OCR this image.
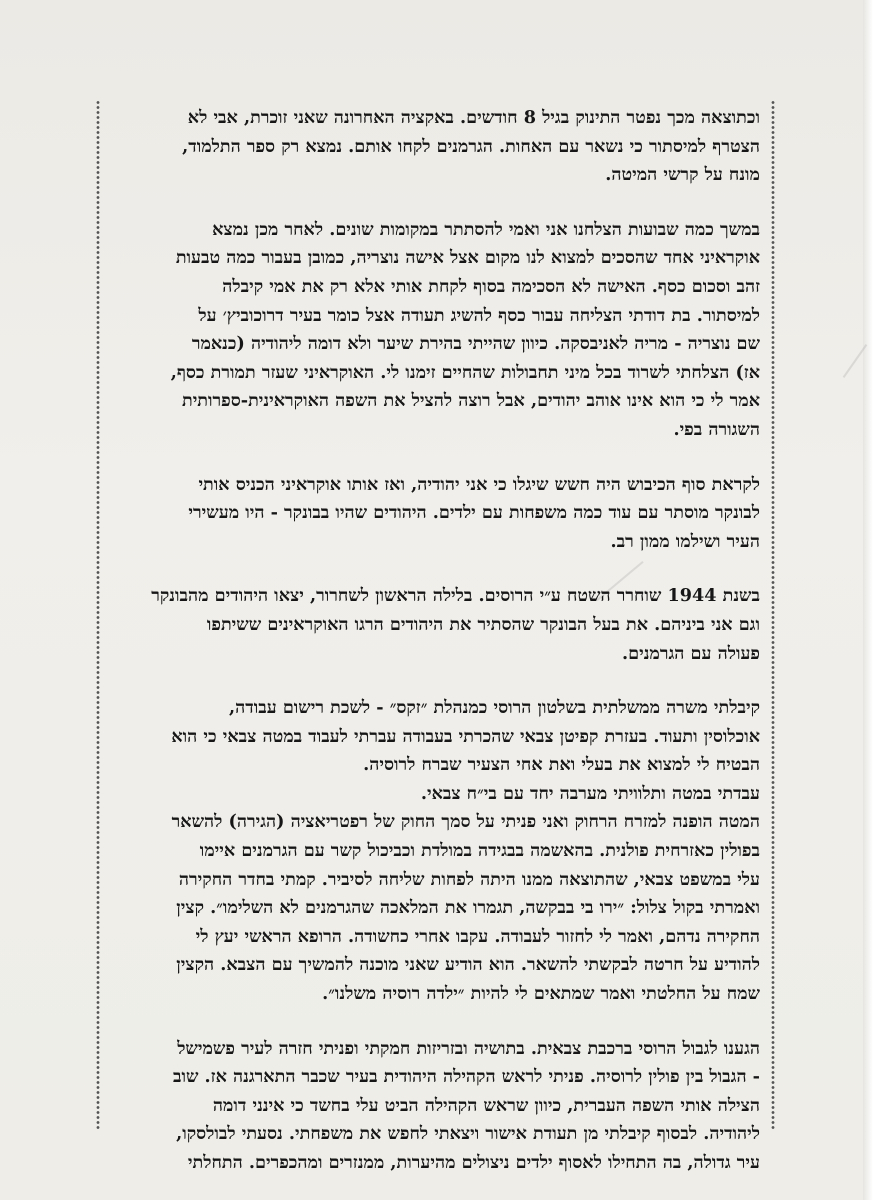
וכתוצאה מכך נפטר התינוק בגיל 8 חודשים. באקציה האחרונה שאני זוכרת, אבי לא
הצטרף למיסתור כי נשאר עם האחות. הגרמנים לקחו אותם. נמצא רק ספר התלמוד,
מונח על קרשי המיטה.
במשך כמה שבועות הצלחנו אני ואמי להסתתר במקומות שונים. לאחר מכן נמצא
אוקראיני אחד שהסכים למצוא לנו מקום אצל אישה נוצריה, כמובן בעבור כמה טבעות
זהב וסכום כסף. האישה לא הסכימה בסוף לקחת אותי אלא רק את אמי קיבלה
למיסתור. בת דודתי הצליחה עבור כסף להשיג תעודה אצל כומר בעיר דרוכוביץ׳ על
שם נוצריה - מריה לאניבסקה. כיוון שהייתי בהירת שיער ולא דומה ליהודיה (כנאמר
אז) הצלחתי לשרוד בכל מיני תחבולות שהחיים זימנו לי. האוקראיני שעזר תמורת כסף,
אמר לי כי הוא אינו אוהב יהודים, אבל רוצה להציל את השפה האוקראינית-ספרותית
השגורה בפי.
לקראת סוף הכיבוש היה חשש שיגלו כי אני יהודיה, ואז אותו אוקראיני הכניס אותי
לבונקר מוסתר עם עוד כמה משפחות עם ילדים. היהודים שהיו בבונקר - היו מעשירי
העיר ושילמו ממון רב.
בשנת 1944 שוחרר השטח ע״י הרוסים. בלילה הראשון לשחרור, יצאו היהודים מהבונקר
וגם אני ביניהם. את בעל הבונקר שהסתיר את היהודים הרגו האוקראינים ששיתפו
פעולה עם הגרמנים.
קיבלתי משרה ממשלתית בשלטון הרוסי כמנהלת ״זקס״ - לשכת רישום עבודה,
אוכלוסין ותעוד. בעזרת קפיטן צבאי שהכרתי בעבודה עברתי לעבוד במטה צבאי כי הוא
הבטיח לי למצוא את בעלי ואת אחי הצעיר שברח לרוסיה.
עבדתי במטה ותלוויתי מערבה יחד עם בי״ח צבאי.
המטה הופנה למזרח הרחוק ואני פניתי על סמך החוק של רפטריאציה (הגירה) להשאר
בפולין כאזרחית פולנית. בהאשמה בבגידה במולדת וכביכול קשר עם הגרמנים איימו
עלי במשפט צבאי, שהתוצאה ממנו היתה לפחות שליחה לסיביר. קמתי בחדר החקירה
ואמרתי בקול צלול: ״ירו בי בבקשה, תגמרו את המלאכה שהגרמנים לא השלימו״. קצין
החקירה נדהם, ואמר לי לחזור לעבודה. עקבו אחרי כחשודה. הרופא הראשי יעץ לי
להודיע על חרטה לבקשתי להשאר. הוא הודיע שאני מוכנה להמשיך עם הצבא. הקצין
שמח על החלטתי ואמר שמתאים לי להיות ״ילדה רוסיה משלנו״.
הגענו לגבול הרוסי ברכבת צבאית. בתושיה ובזריזות חמקתי ופניתי חזרה לעיר פשמישל
- הגבול בין פולין לרוסיה. פניתי לראש הקהילה היהודית בעיר שכבר התארגנה אז. שוב
הצילה אותי השפה העברית, כיוון שראש הקהילה הביט עלי בחשד כי אינני דומה
ליהודיה. לבסוף קיבלתי מן תעודת אישור ויצאתי לחפש את משפחתי. נסעתי לבולסקו,
עיר גדולה, בה התחילו לאסוף ילדים ניצולים מהיערות, ממנזרים ומהכפרים. התחלתי
